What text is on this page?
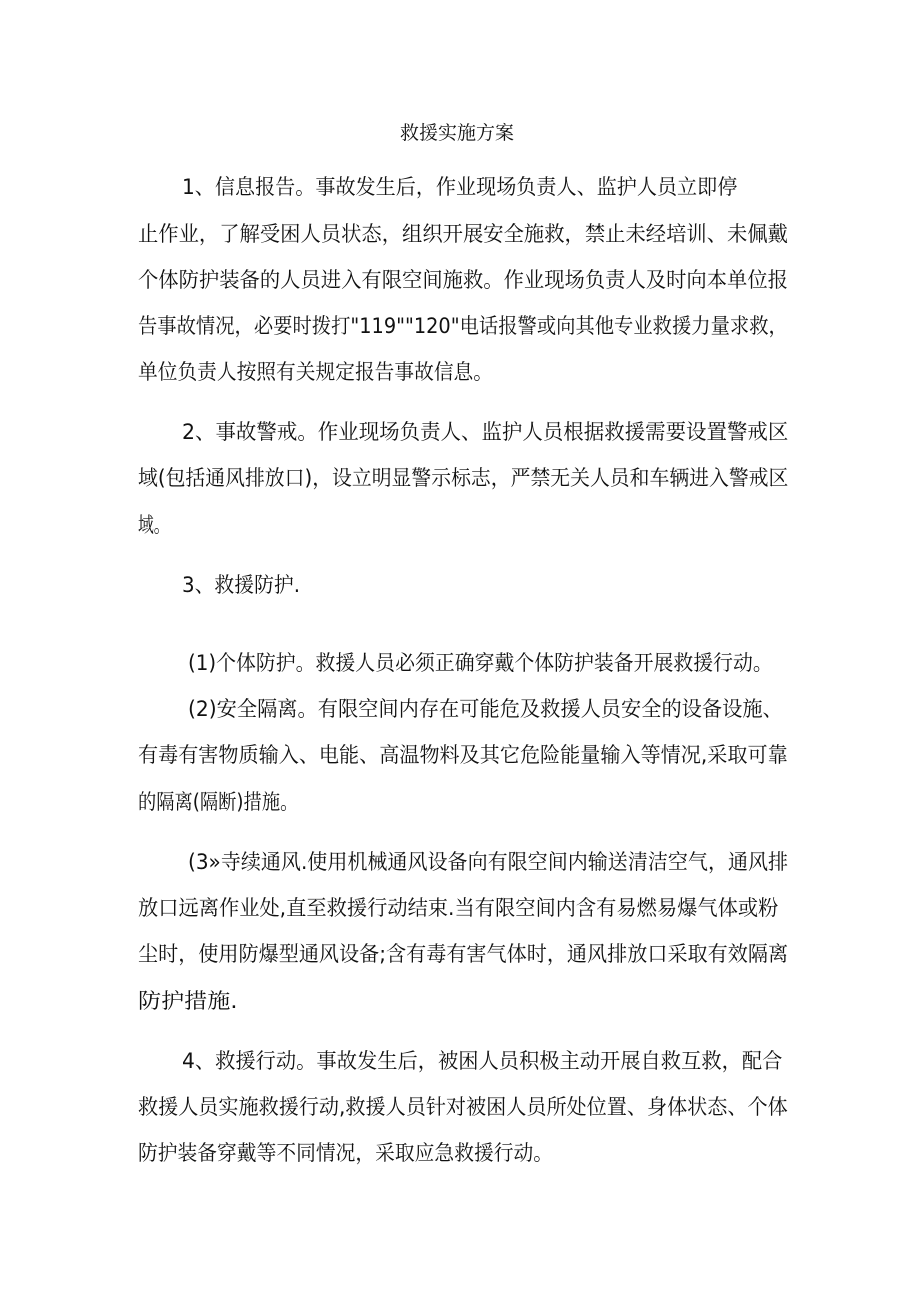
救援实施方案
1、信息报告。事故发生后，作业现场负责人、监护人员立即停
止作业，了解受困人员状态，组织开展安全施救，禁止未经培训、未佩戴
个体防护装备的人员进入有限空间施救。作业现场负责人及时向本单位报
告事故情况，必要时拨打"119""120"电话报警或向其他专业救援力量求救，
单位负责人按照有关规定报告事故信息。
2、事故警戒。作业现场负责人、监护人员根据救援需要设置警戒区
域(包括通风排放口)，设立明显警示标志，严禁无关人员和车辆进入警戒区
域。
3、救援防护.
(1)个体防护。救援人员必须正确穿戴个体防护装备开展救援行动。
(2)安全隔离。有限空间内存在可能危及救援人员安全的设备设施、
有毒有害物质输入、电能、高温物料及其它危险能量输入等情况,采取可靠
的隔离(隔断)措施。
(3»寺续通风.使用机械通风设备向有限空间内输送清洁空气，通风排
放口远离作业处,直至救援行动结束.当有限空间内含有易燃易爆气体或粉
尘时，使用防爆型通风设备;含有毒有害气体时，通风排放口采取有效隔离
防护措施.
4、救援行动。事故发生后，被困人员积极主动开展自救互救，配合
救援人员实施救援行动,救援人员针对被困人员所处位置、身体状态、个体
防护装备穿戴等不同情况，采取应急救援行动。
